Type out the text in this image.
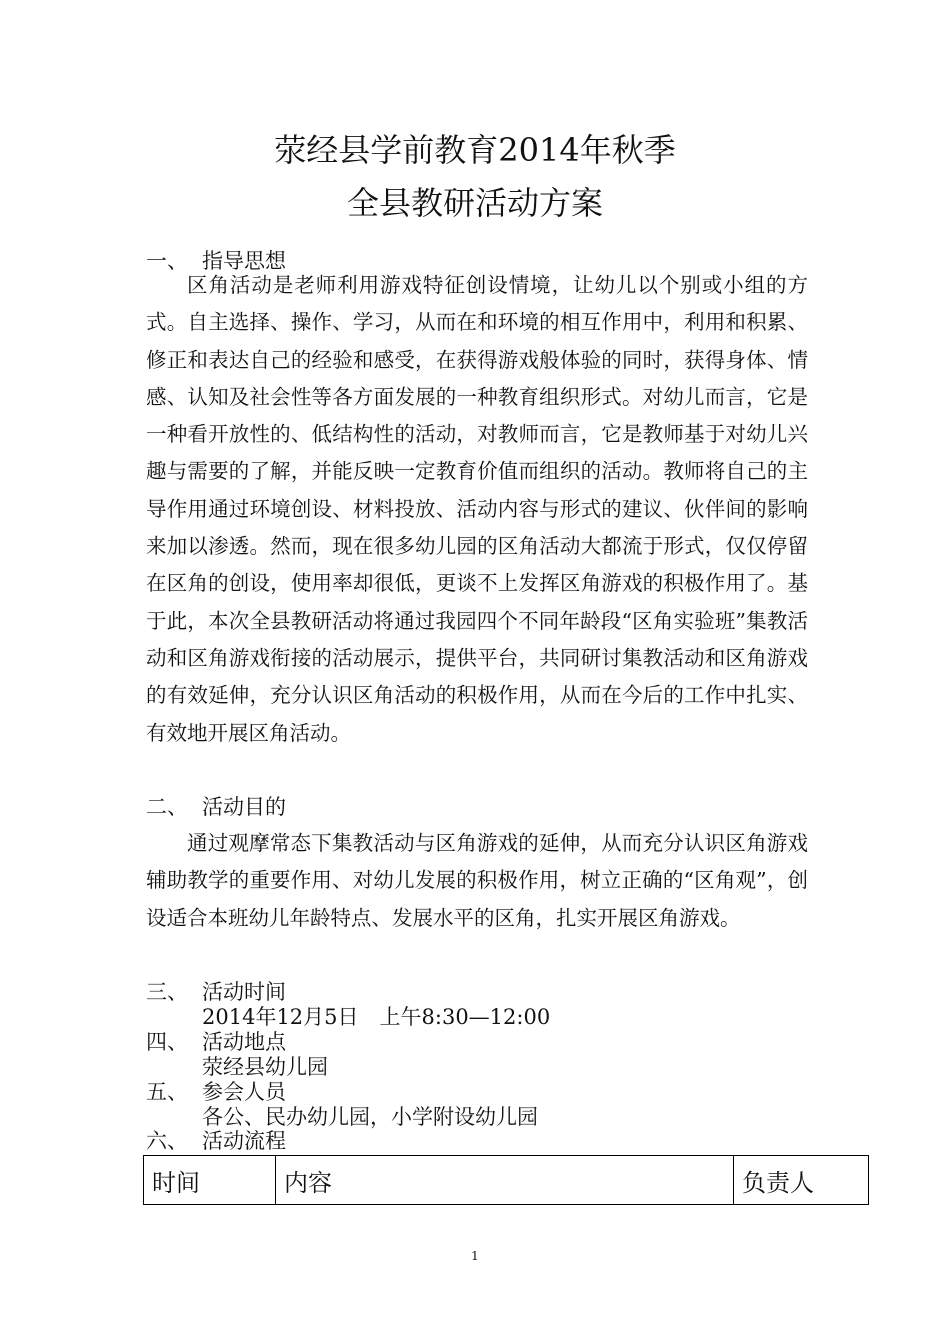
荥经县学前教育2014年秋季
全县教研活动方案
一、 指导思想

区角活动是老师利用游戏特征创设情境，让幼儿以个别或小组的方式。自主选择、操作、学习，从而在和环境的相互作用中，利用和积累、修正和表达自己的经验和感受，在获得游戏般体验的同时，获得身体、情感、认知及社会性等各方面发展的一种教育组织形式。对幼儿而言，它是一种看开放性的、低结构性的活动，对教师而言，它是教师基于对幼儿兴趣与需要的了解，并能反映一定教育价值而组织的活动。教师将自己的主导作用通过环境创设、材料投放、活动内容与形式的建议、伙伴间的影响来加以渗透。然而，现在很多幼儿园的区角活动大都流于形式，仅仅停留在区角的创设，使用率却很低，更谈不上发挥区角游戏的积极作用了。基于此，本次全县教研活动将通过我园四个不同年龄段“区角实验班”集教活动和区角游戏衔接的活动展示，提供平台，共同研讨集教活动和区角游戏的有效延伸，充分认识区角活动的积极作用，从而在今后的工作中扎实、有效地开展区角活动。

二、 活动目的

通过观摩常态下集教活动与区角游戏的延伸，从而充分认识区角游戏辅助教学的重要作用、对幼儿发展的积极作用，树立正确的“区角观”，创设适合本班幼儿年龄特点、发展水平的区角，扎实开展区角游戏。

三、 活动时间
2014年12月5日　上午8:30—12:00
四、 活动地点
荥经县幼儿园
五、 参会人员
各公、民办幼儿园，小学附设幼儿园
六、 活动流程
时间	内容	负责人
1
